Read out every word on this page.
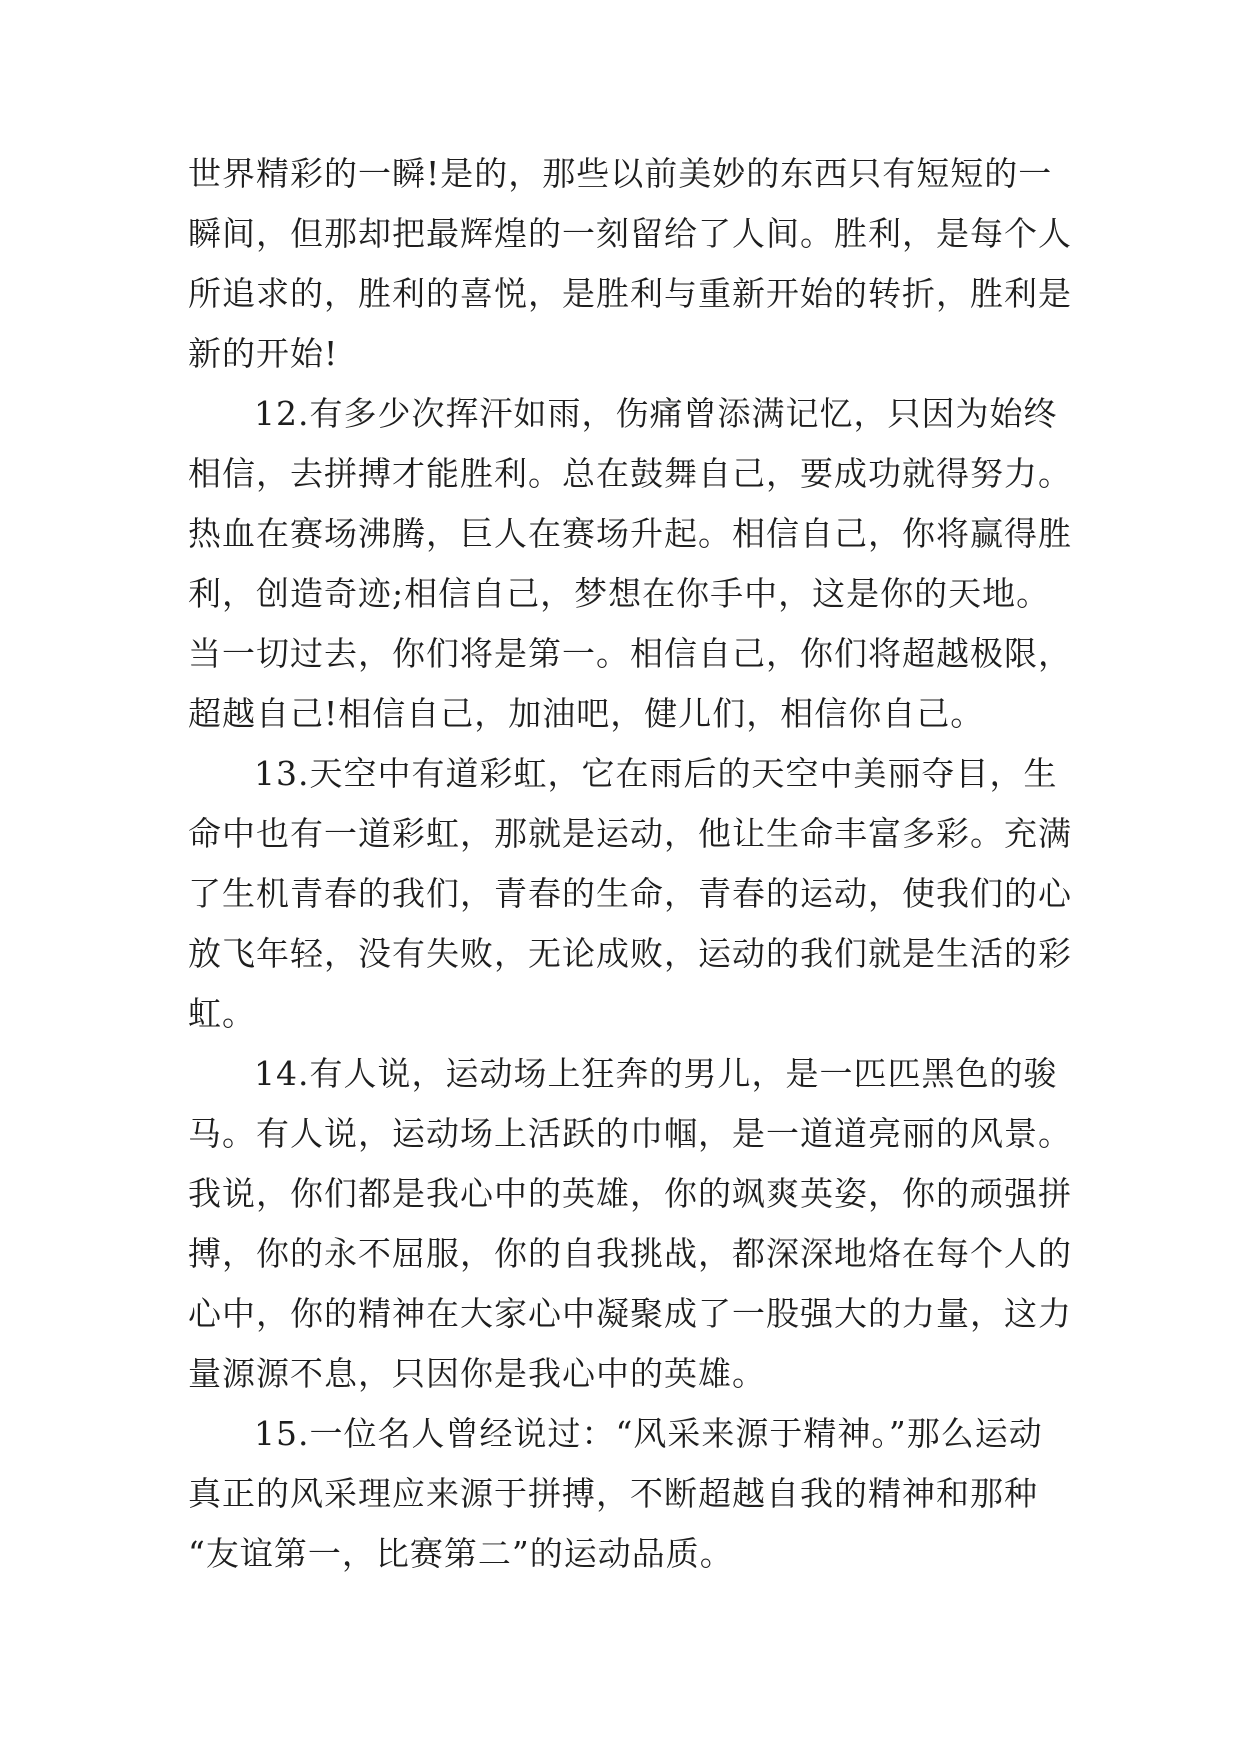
世界精彩的一瞬!是的，那些以前美妙的东西只有短短的一
瞬间，但那却把最辉煌的一刻留给了人间。胜利，是每个人
所追求的，胜利的喜悦，是胜利与重新开始的转折，胜利是
新的开始!
12.有多少次挥汗如雨，伤痛曾添满记忆，只因为始终
相信，去拼搏才能胜利。总在鼓舞自己，要成功就得努力。
热血在赛场沸腾，巨人在赛场升起。相信自己，你将赢得胜
利，创造奇迹;相信自己，梦想在你手中，这是你的天地。
当一切过去，你们将是第一。相信自己，你们将超越极限，
超越自己!相信自己，加油吧，健儿们，相信你自己。
13.天空中有道彩虹，它在雨后的天空中美丽夺目，生
命中也有一道彩虹，那就是运动，他让生命丰富多彩。充满
了生机青春的我们，青春的生命，青春的运动，使我们的心
放飞年轻，没有失败，无论成败，运动的我们就是生活的彩
虹。
14.有人说，运动场上狂奔的男儿，是一匹匹黑色的骏
马。有人说，运动场上活跃的巾帼，是一道道亮丽的风景。
我说，你们都是我心中的英雄，你的飒爽英姿，你的顽强拼
搏，你的永不屈服，你的自我挑战，都深深地烙在每个人的
心中，你的精神在大家心中凝聚成了一股强大的力量，这力
量源源不息，只因你是我心中的英雄。
15.一位名人曾经说过：“风采来源于精神。”那么运动
真正的风采理应来源于拼搏，不断超越自我的精神和那种
“友谊第一，比赛第二”的运动品质。
